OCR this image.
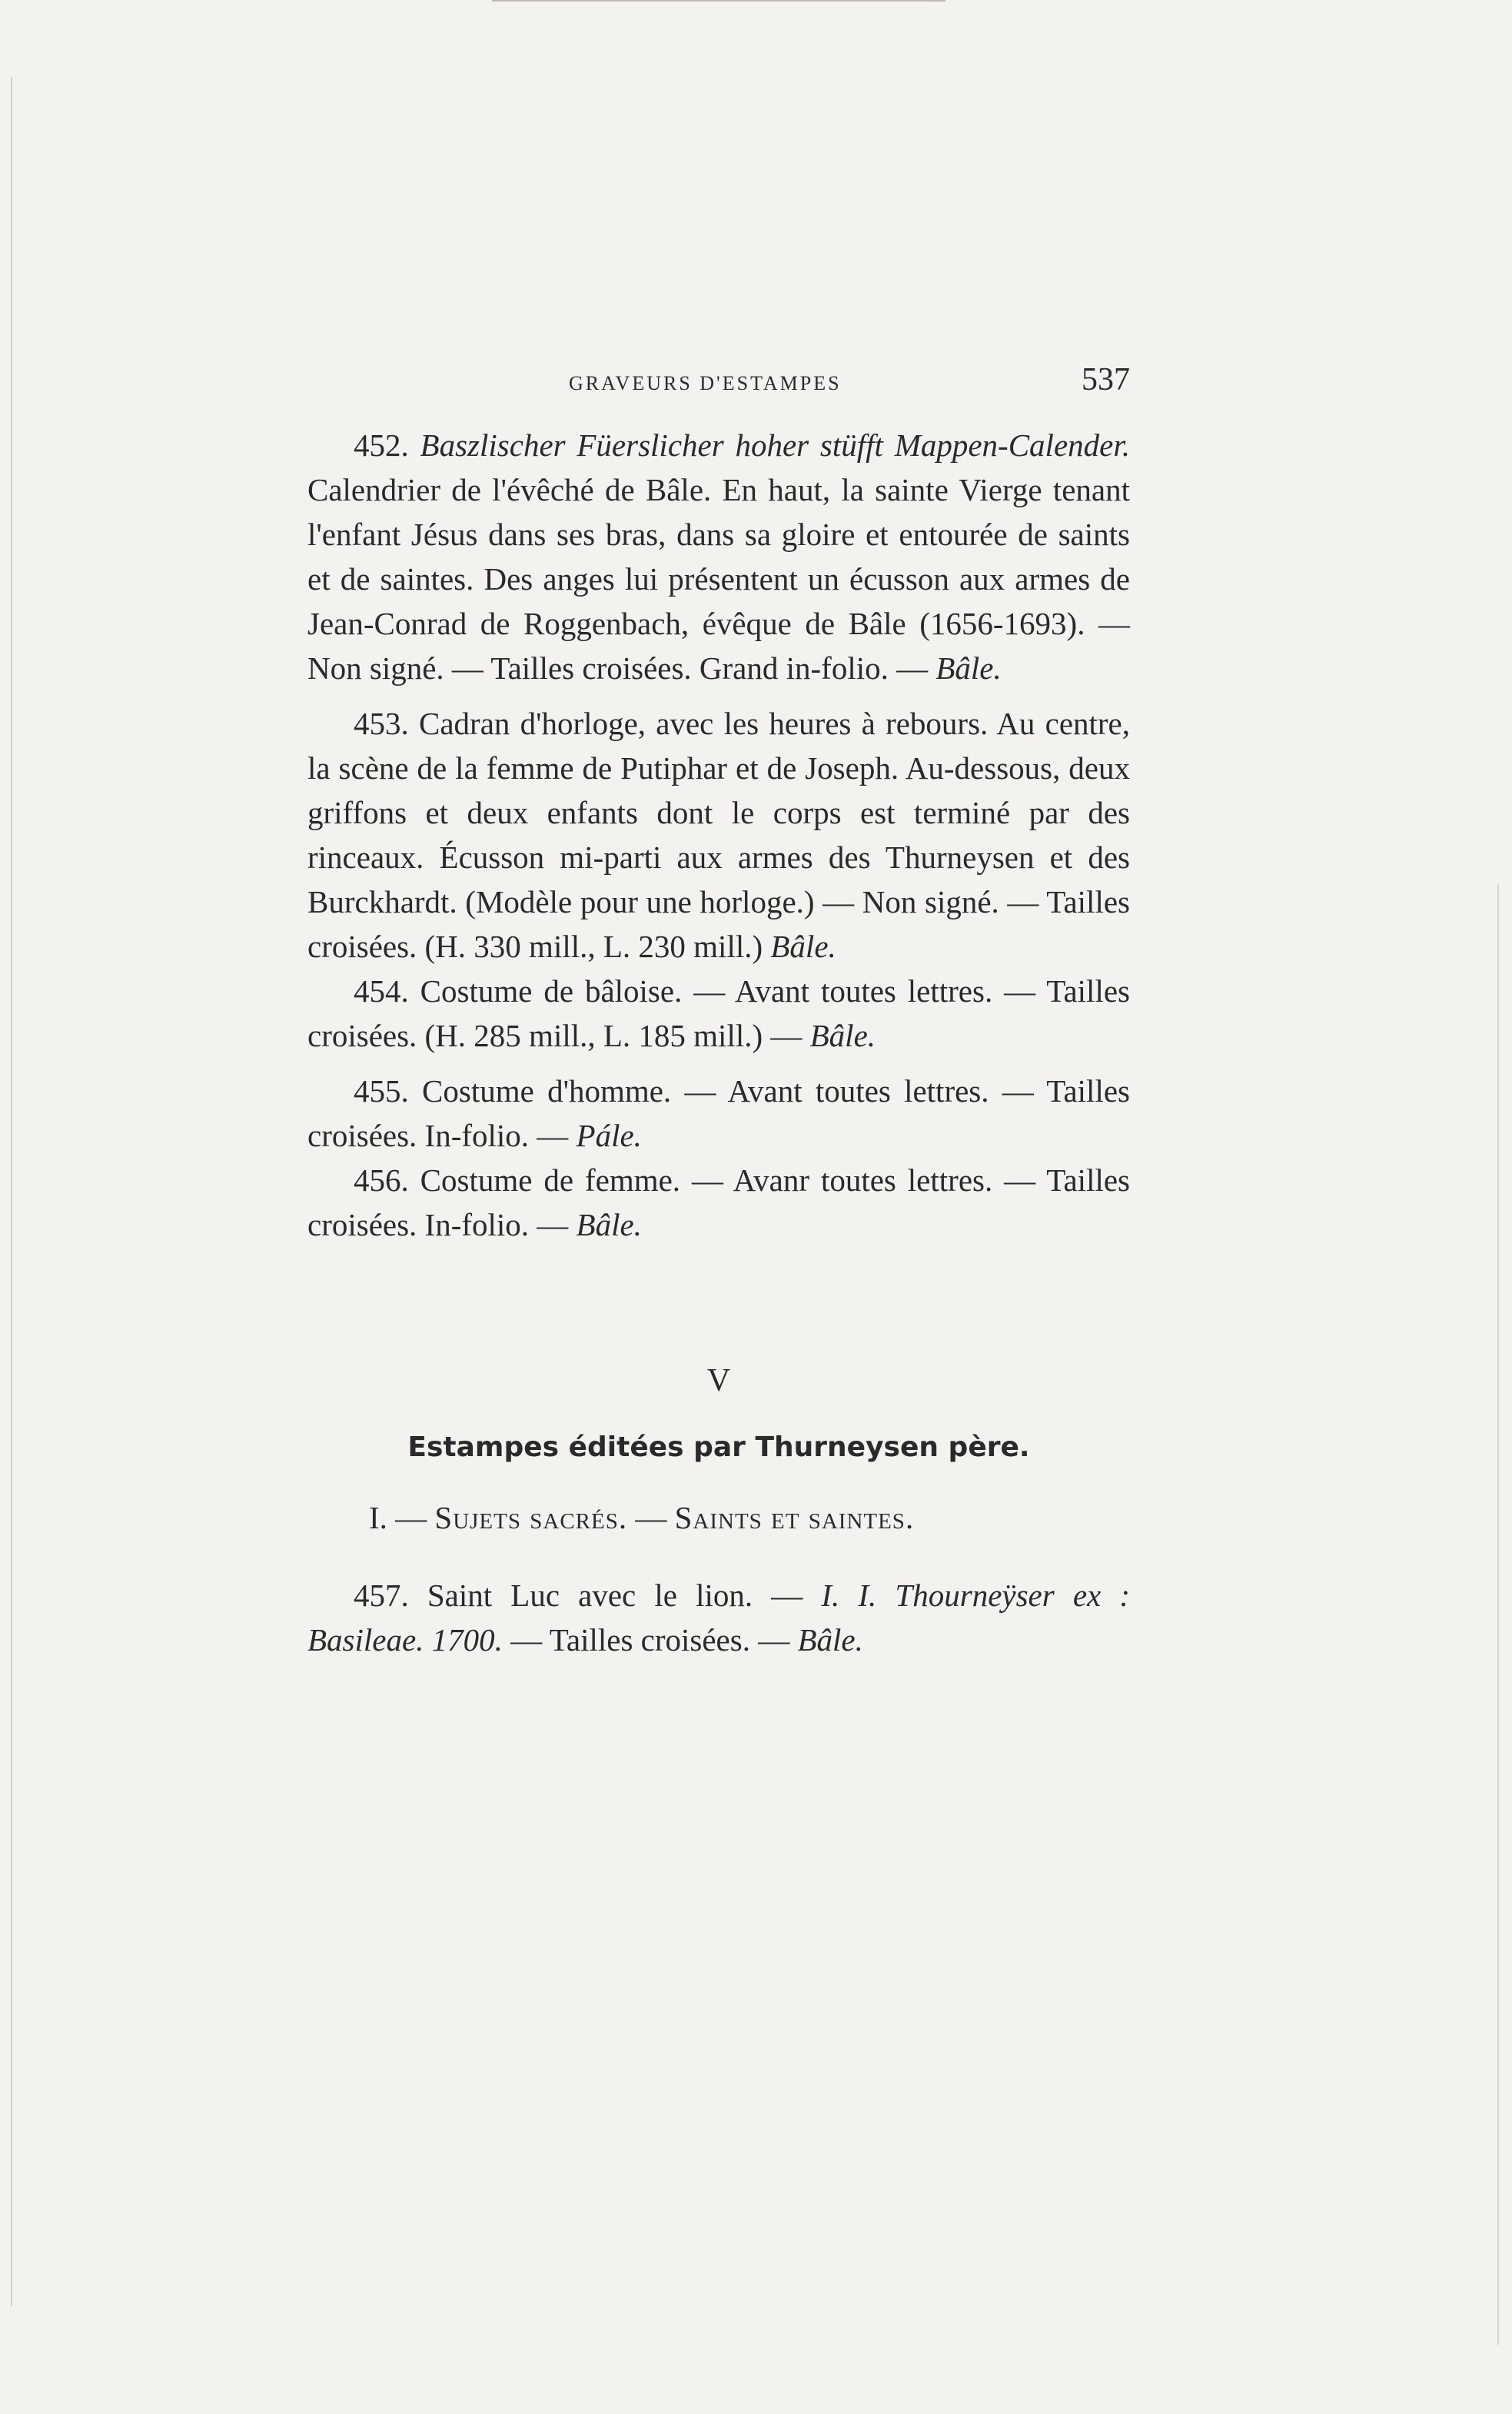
GRAVEURS D'ESTAMPES	537

452. Baszlischer Füerslicher hoher stüfft Mappen-Calender. Calendrier de l'évêché de Bâle. En haut, la sainte Vierge tenant l'enfant Jésus dans ses bras, dans sa gloire et entourée de saints et de saintes. Des anges lui présentent un écusson aux armes de Jean-Conrad de Roggenbach, évêque de Bâle (1656-1693). — Non signé. — Tailles croisées. Grand in-folio. — Bâle.

453. Cadran d'horloge, avec les heures à rebours. Au centre, la scène de la femme de Putiphar et de Joseph. Au-dessous, deux griffons et deux enfants dont le corps est terminé par des rinceaux. Écusson mi-parti aux armes des Thurneysen et des Burckhardt. (Modèle pour une horloge.) — Non signé. — Tailles croisées. (H. 330 mill., L. 230 mill.) Bâle.

454. Costume de bâloise. — Avant toutes lettres. — Tailles croisées. (H. 285 mill., L. 185 mill.) — Bâle.

455. Costume d'homme. — Avant toutes lettres. — Tailles croisées. In-folio. — Pále.

456. Costume de femme. — Avanr toutes lettres. — Tailles croisées. In-folio. — Bâle.

V
Estampes éditées par Thurneysen père.
I. — Sujets sacrés. — Saints et saintes.

457. Saint Luc avec le lion. — I. I. Thourneÿser ex : Basileae. 1700. — Tailles croisées. — Bâle.
